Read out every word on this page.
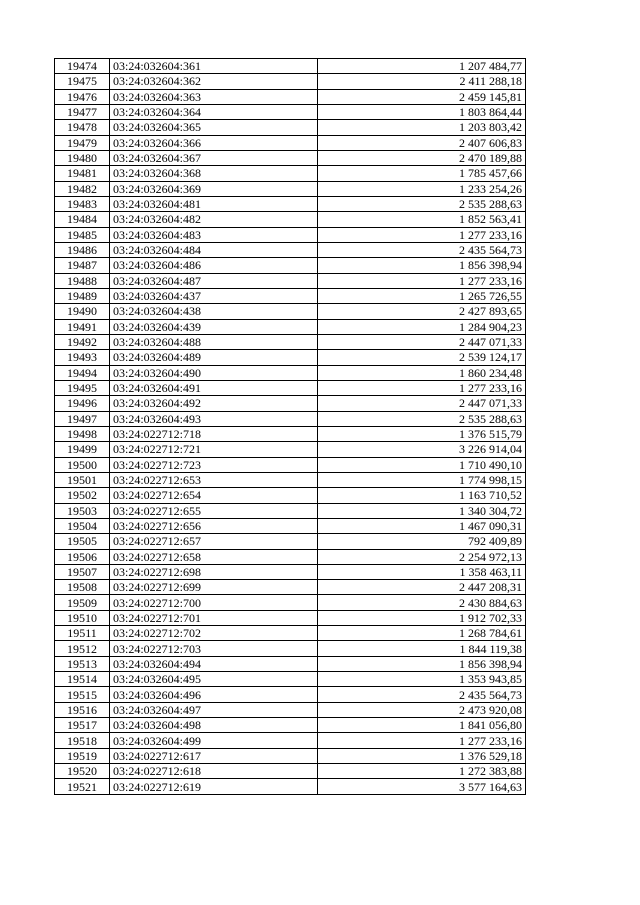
19474	03:24:032604:361	1 207 484,77
19475	03:24:032604:362	2 411 288,18
19476	03:24:032604:363	2 459 145,81
19477	03:24:032604:364	1 803 864,44
19478	03:24:032604:365	1 203 803,42
19479	03:24:032604:366	2 407 606,83
19480	03:24:032604:367	2 470 189,88
19481	03:24:032604:368	1 785 457,66
19482	03:24:032604:369	1 233 254,26
19483	03:24:032604:481	2 535 288,63
19484	03:24:032604:482	1 852 563,41
19485	03:24:032604:483	1 277 233,16
19486	03:24:032604:484	2 435 564,73
19487	03:24:032604:486	1 856 398,94
19488	03:24:032604:487	1 277 233,16
19489	03:24:032604:437	1 265 726,55
19490	03:24:032604:438	2 427 893,65
19491	03:24:032604:439	1 284 904,23
19492	03:24:032604:488	2 447 071,33
19493	03:24:032604:489	2 539 124,17
19494	03:24:032604:490	1 860 234,48
19495	03:24:032604:491	1 277 233,16
19496	03:24:032604:492	2 447 071,33
19497	03:24:032604:493	2 535 288,63
19498	03:24:022712:718	1 376 515,79
19499	03:24:022712:721	3 226 914,04
19500	03:24:022712:723	1 710 490,10
19501	03:24:022712:653	1 774 998,15
19502	03:24:022712:654	1 163 710,52
19503	03:24:022712:655	1 340 304,72
19504	03:24:022712:656	1 467 090,31
19505	03:24:022712:657	792 409,89
19506	03:24:022712:658	2 254 972,13
19507	03:24:022712:698	1 358 463,11
19508	03:24:022712:699	2 447 208,31
19509	03:24:022712:700	2 430 884,63
19510	03:24:022712:701	1 912 702,33
19511	03:24:022712:702	1 268 784,61
19512	03:24:022712:703	1 844 119,38
19513	03:24:032604:494	1 856 398,94
19514	03:24:032604:495	1 353 943,85
19515	03:24:032604:496	2 435 564,73
19516	03:24:032604:497	2 473 920,08
19517	03:24:032604:498	1 841 056,80
19518	03:24:032604:499	1 277 233,16
19519	03:24:022712:617	1 376 529,18
19520	03:24:022712:618	1 272 383,88
19521	03:24:022712:619	3 577 164,63
